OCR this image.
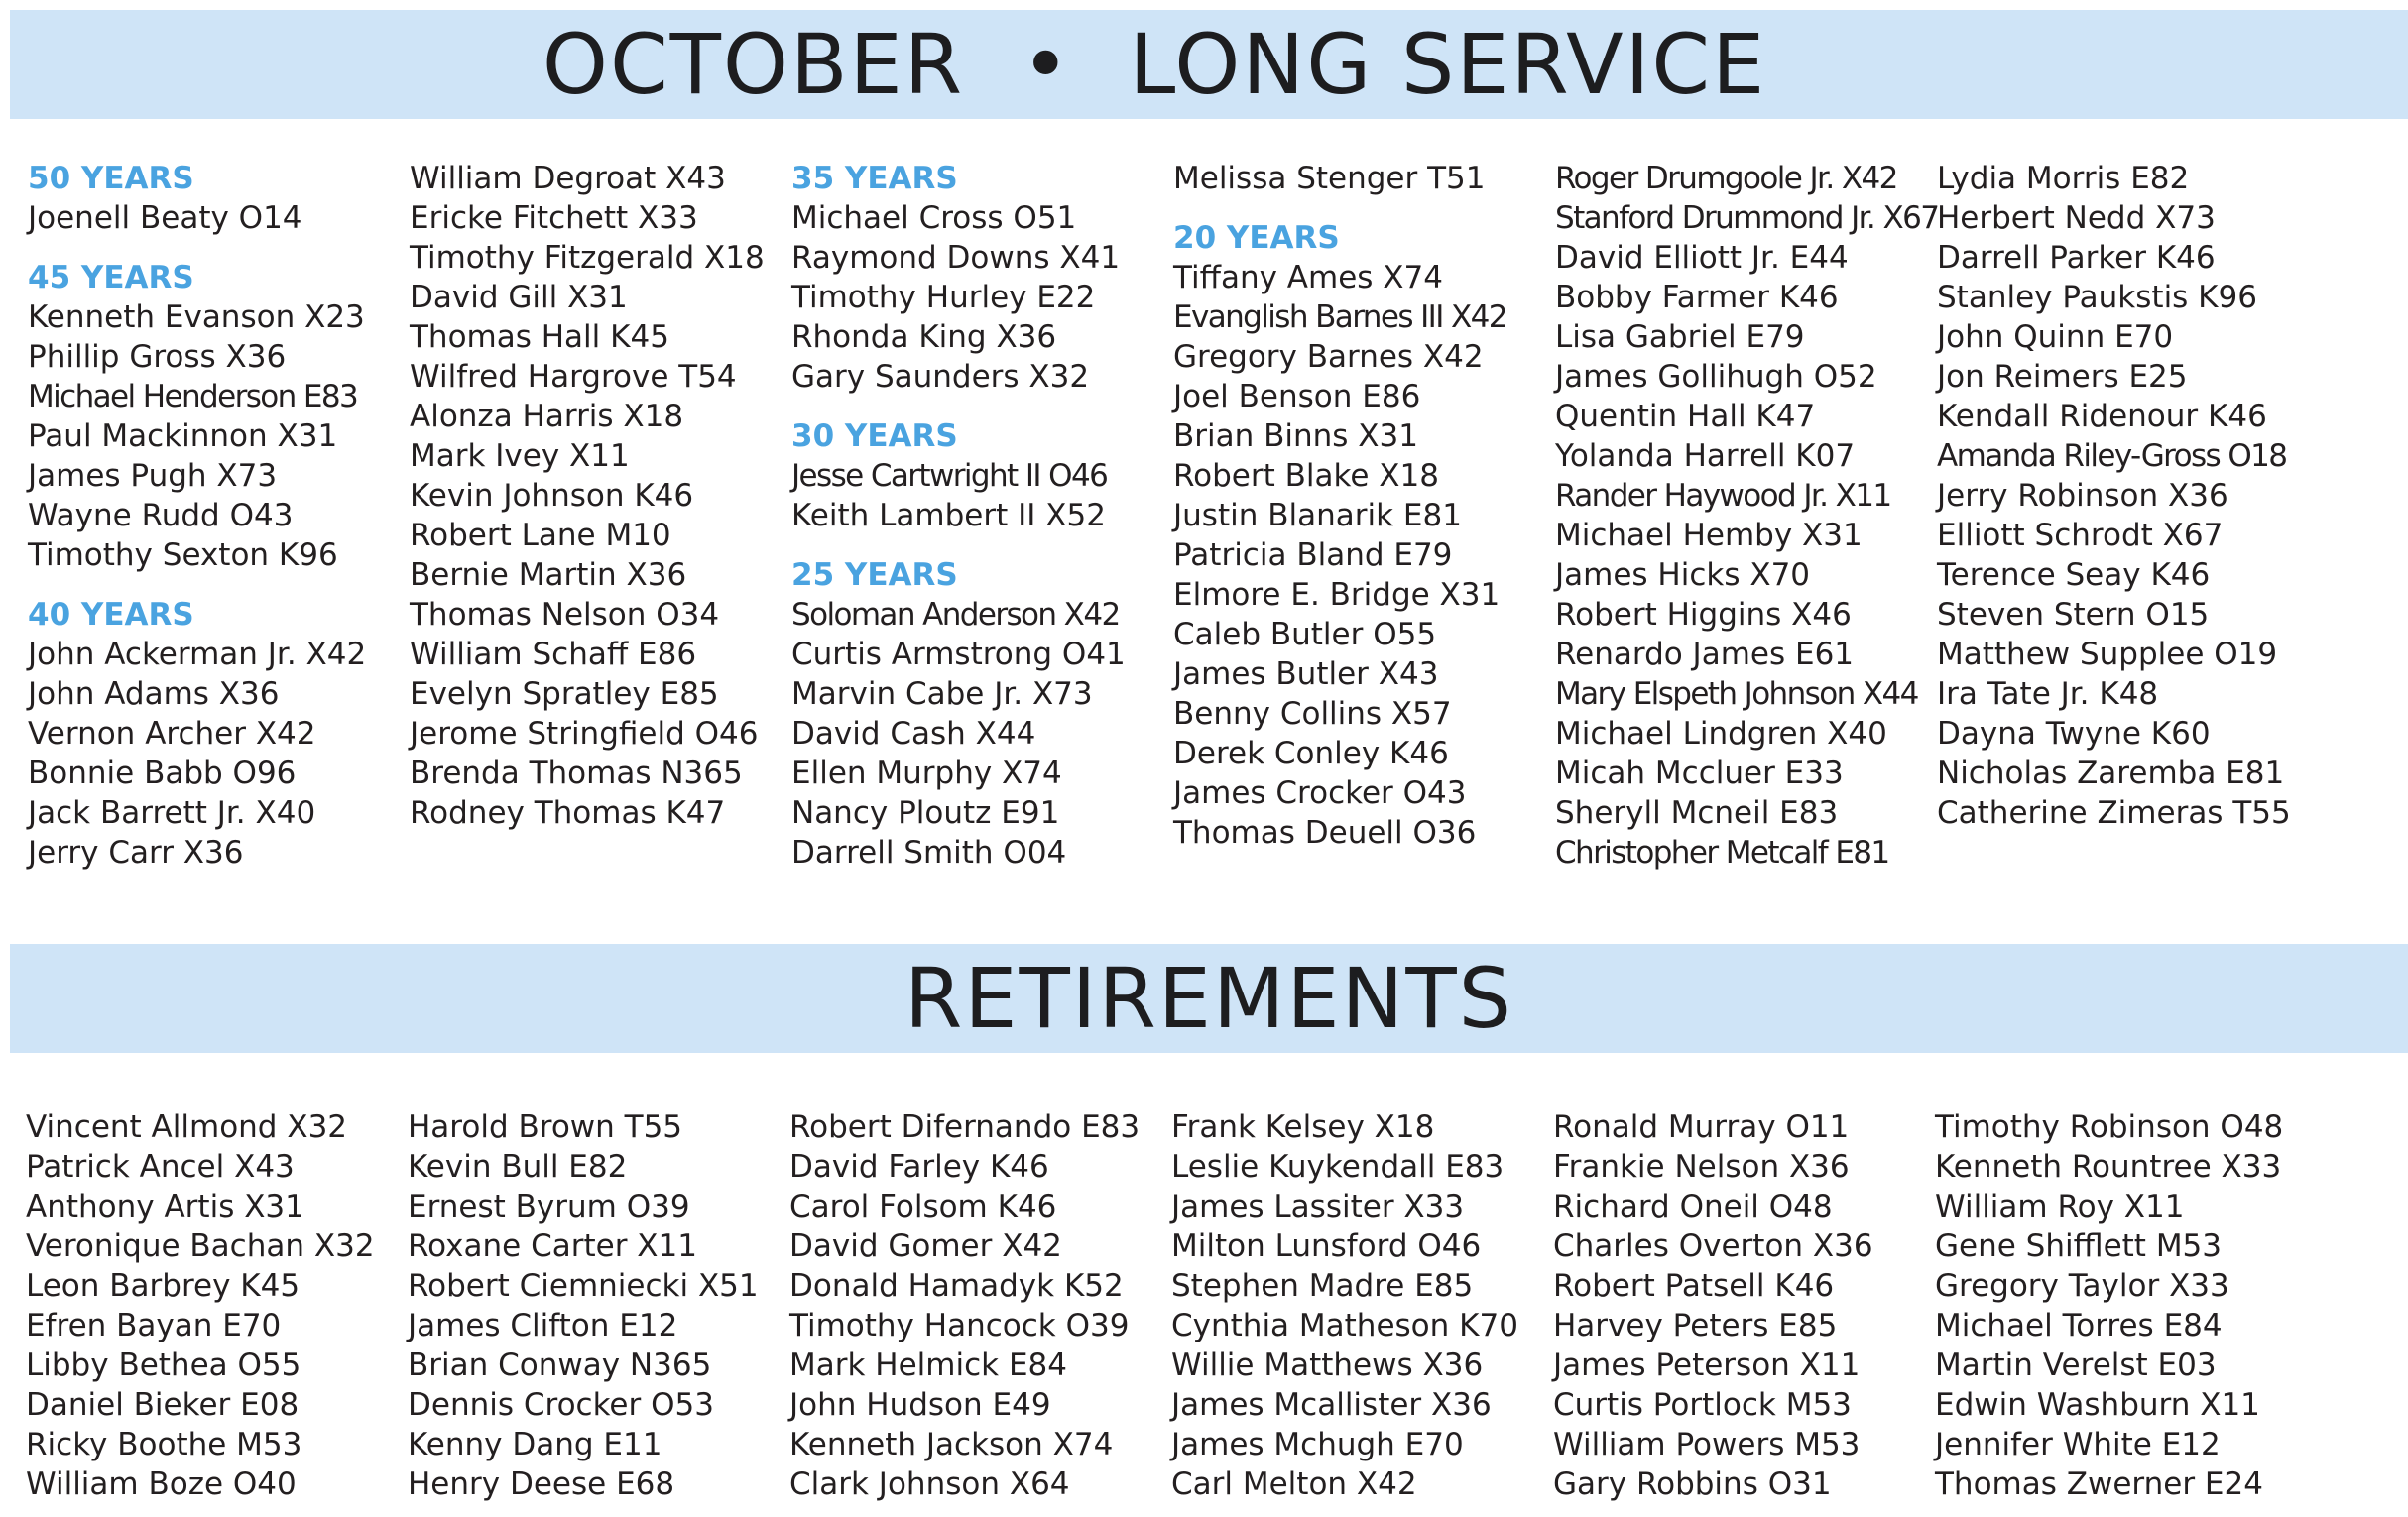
OCTOBER  •  LONG SERVICE
50 YEARS
Joenell Beaty O14
45 YEARS
Kenneth Evanson X23
Phillip Gross X36
Michael Henderson E83
Paul Mackinnon X31
James Pugh X73
Wayne Rudd O43
Timothy Sexton K96
40 YEARS
John Ackerman Jr. X42
John Adams X36
Vernon Archer X42
Bonnie Babb O96
Jack Barrett Jr. X40
Jerry Carr X36
William Degroat X43
Ericke Fitchett X33
Timothy Fitzgerald X18
David Gill X31
Thomas Hall K45
Wilfred Hargrove T54
Alonza Harris X18
Mark Ivey X11
Kevin Johnson K46
Robert Lane M10
Bernie Martin X36
Thomas Nelson O34
William Schaff E86
Evelyn Spratley E85
Jerome Stringfield O46
Brenda Thomas N365
Rodney Thomas K47
35 YEARS
Michael Cross O51
Raymond Downs X41
Timothy Hurley E22
Rhonda King X36
Gary Saunders X32
30 YEARS
Jesse Cartwright II O46
Keith Lambert II X52
25 YEARS
Soloman Anderson X42
Curtis Armstrong O41
Marvin Cabe Jr. X73
David Cash X44
Ellen Murphy X74
Nancy Ploutz E91
Darrell Smith O04
Melissa Stenger T51
20 YEARS
Tiffany Ames X74
Evanglish Barnes III X42
Gregory Barnes X42
Joel Benson E86
Brian Binns X31
Robert Blake X18
Justin Blanarik E81
Patricia Bland E79
Elmore E. Bridge X31
Caleb Butler O55
James Butler X43
Benny Collins X57
Derek Conley K46
James Crocker O43
Thomas Deuell O36
Roger Drumgoole Jr. X42
Stanford Drummond Jr. X67
David Elliott Jr. E44
Bobby Farmer K46
Lisa Gabriel E79
James Gollihugh O52
Quentin Hall K47
Yolanda Harrell K07
Rander Haywood Jr. X11
Michael Hemby X31
James Hicks X70
Robert Higgins X46
Renardo James E61
Mary Elspeth Johnson X44
Michael Lindgren X40
Micah Mccluer E33
Sheryll Mcneil E83
Christopher Metcalf E81
Lydia Morris E82
Herbert Nedd X73
Darrell Parker K46
Stanley Paukstis K96
John Quinn E70
Jon Reimers E25
Kendall Ridenour K46
Amanda Riley-Gross O18
Jerry Robinson X36
Elliott Schrodt X67
Terence Seay K46
Steven Stern O15
Matthew Supplee O19
Ira Tate Jr. K48
Dayna Twyne K60
Nicholas Zaremba E81
Catherine Zimeras T55
RETIREMENTS
Vincent Allmond X32
Patrick Ancel X43
Anthony Artis X31
Veronique Bachan X32
Leon Barbrey K45
Efren Bayan E70
Libby Bethea O55
Daniel Bieker E08
Ricky Boothe M53
William Boze O40
Harold Brown T55
Kevin Bull E82
Ernest Byrum O39
Roxane Carter X11
Robert Ciemniecki X51
James Clifton E12
Brian Conway N365
Dennis Crocker O53
Kenny Dang E11
Henry Deese E68
Robert Difernando E83
David Farley K46
Carol Folsom K46
David Gomer X42
Donald Hamadyk K52
Timothy Hancock O39
Mark Helmick E84
John Hudson E49
Kenneth Jackson X74
Clark Johnson X64
Frank Kelsey X18
Leslie Kuykendall E83
James Lassiter X33
Milton Lunsford O46
Stephen Madre E85
Cynthia Matheson K70
Willie Matthews X36
James Mcallister X36
James Mchugh E70
Carl Melton X42
Ronald Murray O11
Frankie Nelson X36
Richard Oneil O48
Charles Overton X36
Robert Patsell K46
Harvey Peters E85
James Peterson X11
Curtis Portlock M53
William Powers M53
Gary Robbins O31
Timothy Robinson O48
Kenneth Rountree X33
William Roy X11
Gene Shifflett M53
Gregory Taylor X33
Michael Torres E84
Martin Verelst E03
Edwin Washburn X11
Jennifer White E12
Thomas Zwerner E24
